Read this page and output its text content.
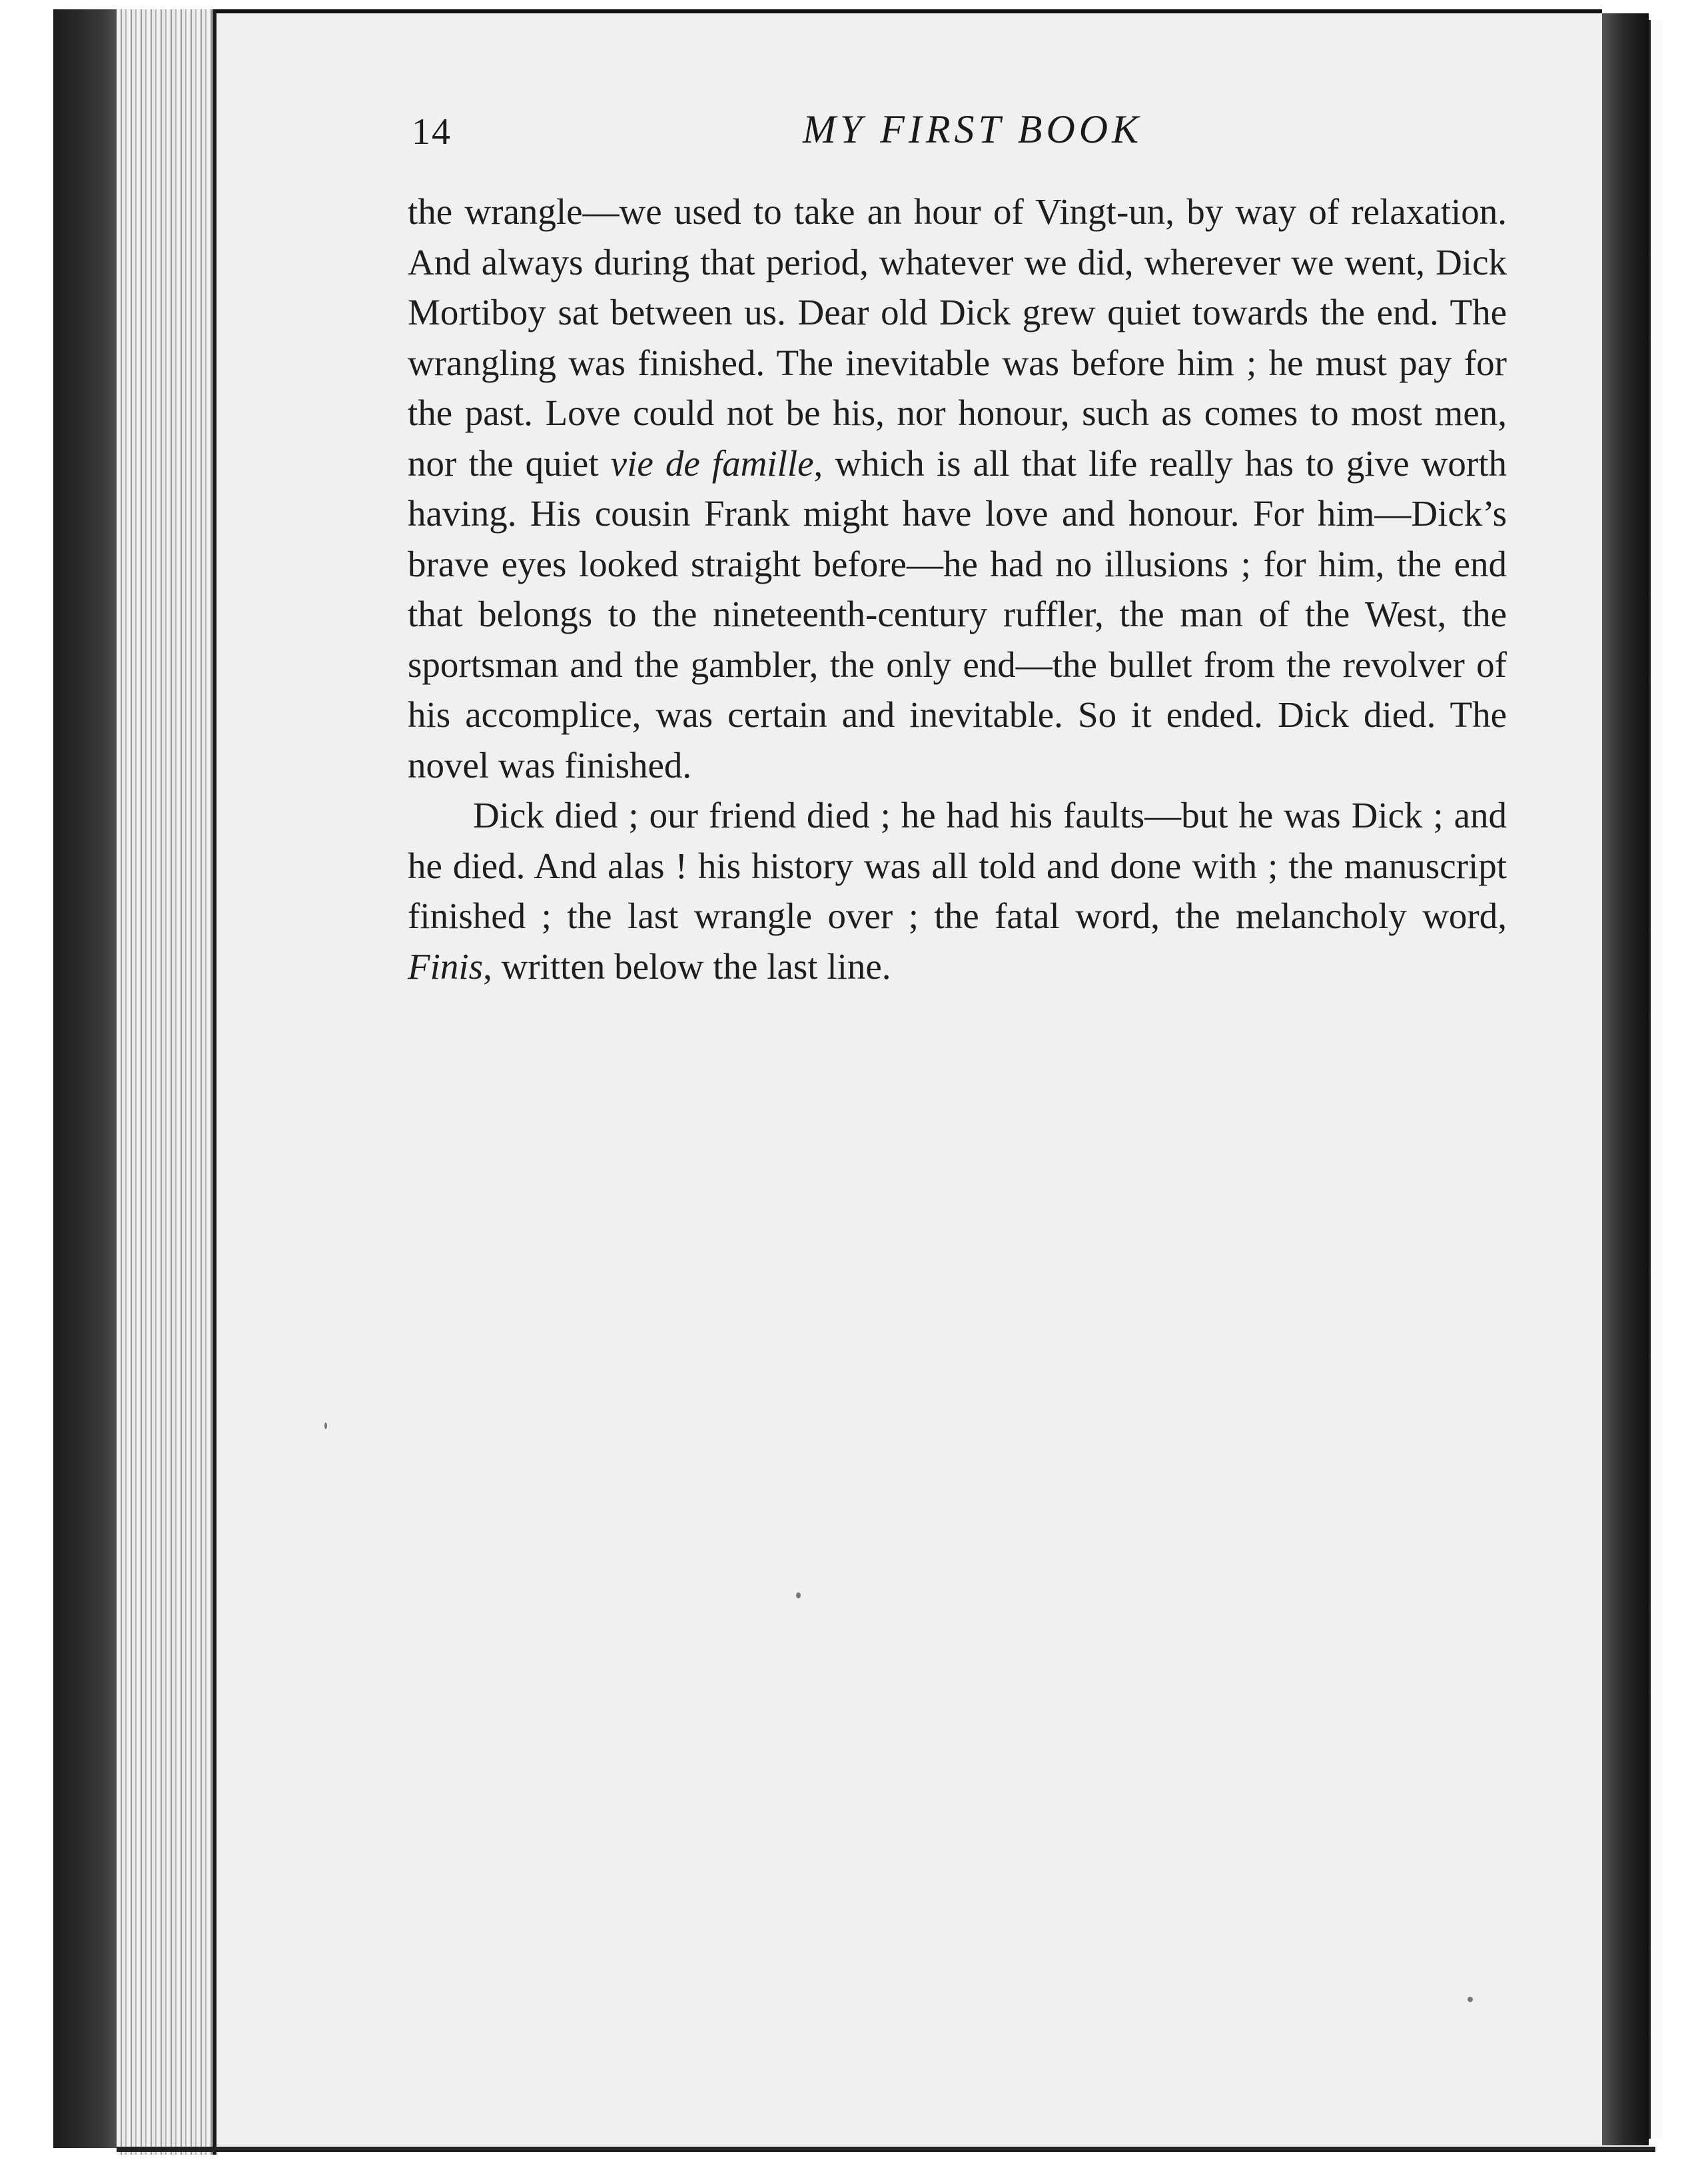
14	MY FIRST BOOK

the wrangle—we used to take an hour of Vingt-un, by way of relaxation. And always during that period, whatever we did, wherever we went, Dick Mortiboy sat between us. Dear old Dick grew quiet towards the end. The wrangling was finished. The inevitable was before him ; he must pay for the past. Love could not be his, nor honour, such as comes to most men, nor the quiet vie de famille, which is all that life really has to give worth having. His cousin Frank might have love and honour. For him—Dick’s brave eyes looked straight before—he had no illusions ; for him, the end that belongs to the nineteenth-century ruffler, the man of the West, the sportsman and the gambler, the only end—the bullet from the revolver of his accomplice, was certain and inevitable. So it ended. Dick died. The novel was finished.

Dick died ; our friend died ; he had his faults—but he was Dick ; and he died. And alas ! his history was all told and done with ; the manuscript finished ; the last wrangle over ; the fatal word, the melancholy word, Finis, written below the last line.
